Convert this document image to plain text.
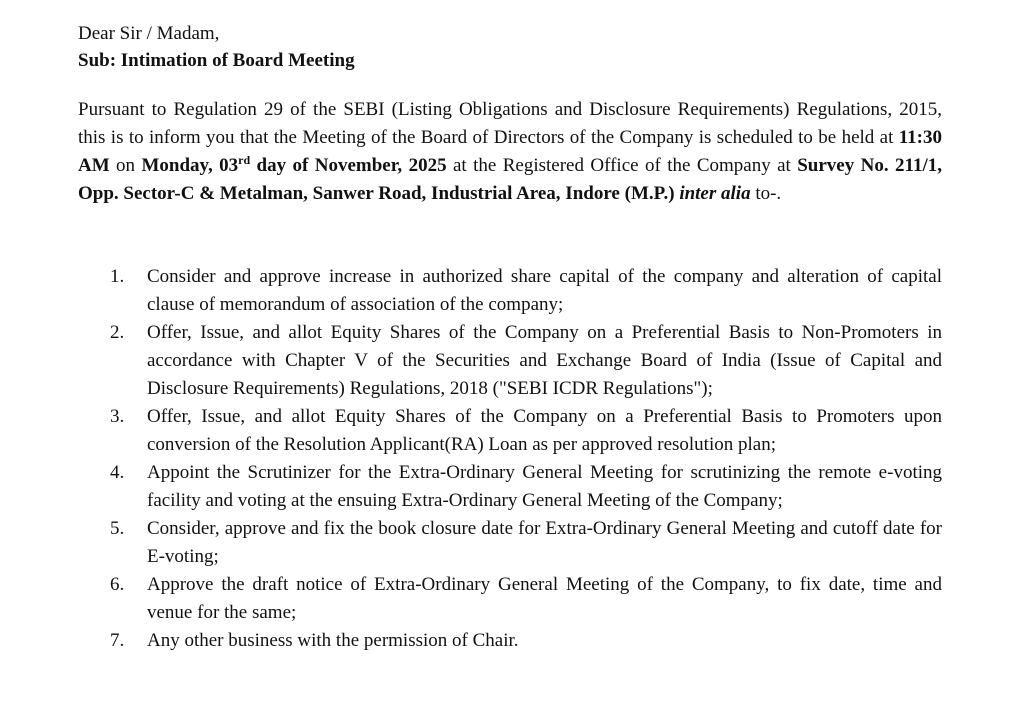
Dear Sir / Madam,
Sub: Intimation of Board Meeting
Pursuant to Regulation 29 of the SEBI (Listing Obligations and Disclosure Requirements) Regulations, 2015, this is to inform you that the Meeting of the Board of Directors of the Company is scheduled to be held at 11:30 AM on Monday, 03rd day of November, 2025 at the Registered Office of the Company at Survey No. 211/1, Opp. Sector-C & Metalman, Sanwer Road, Industrial Area, Indore (M.P.) inter alia to-.
1. Consider and approve increase in authorized share capital of the company and alteration of capital clause of memorandum of association of the company;
2. Offer, Issue, and allot Equity Shares of the Company on a Preferential Basis to Non-Promoters in accordance with Chapter V of the Securities and Exchange Board of India (Issue of Capital and Disclosure Requirements) Regulations, 2018 ("SEBI ICDR Regulations");
3. Offer, Issue, and allot Equity Shares of the Company on a Preferential Basis to Promoters upon conversion of the Resolution Applicant(RA) Loan as per approved resolution plan;
4. Appoint the Scrutinizer for the Extra-Ordinary General Meeting for scrutinizing the remote e-voting facility and voting at the ensuing Extra-Ordinary General Meeting of the Company;
5. Consider, approve and fix the book closure date for Extra-Ordinary General Meeting and cutoff date for E-voting;
6. Approve the draft notice of Extra-Ordinary General Meeting of the Company, to fix date, time and venue for the same;
7. Any other business with the permission of Chair.
